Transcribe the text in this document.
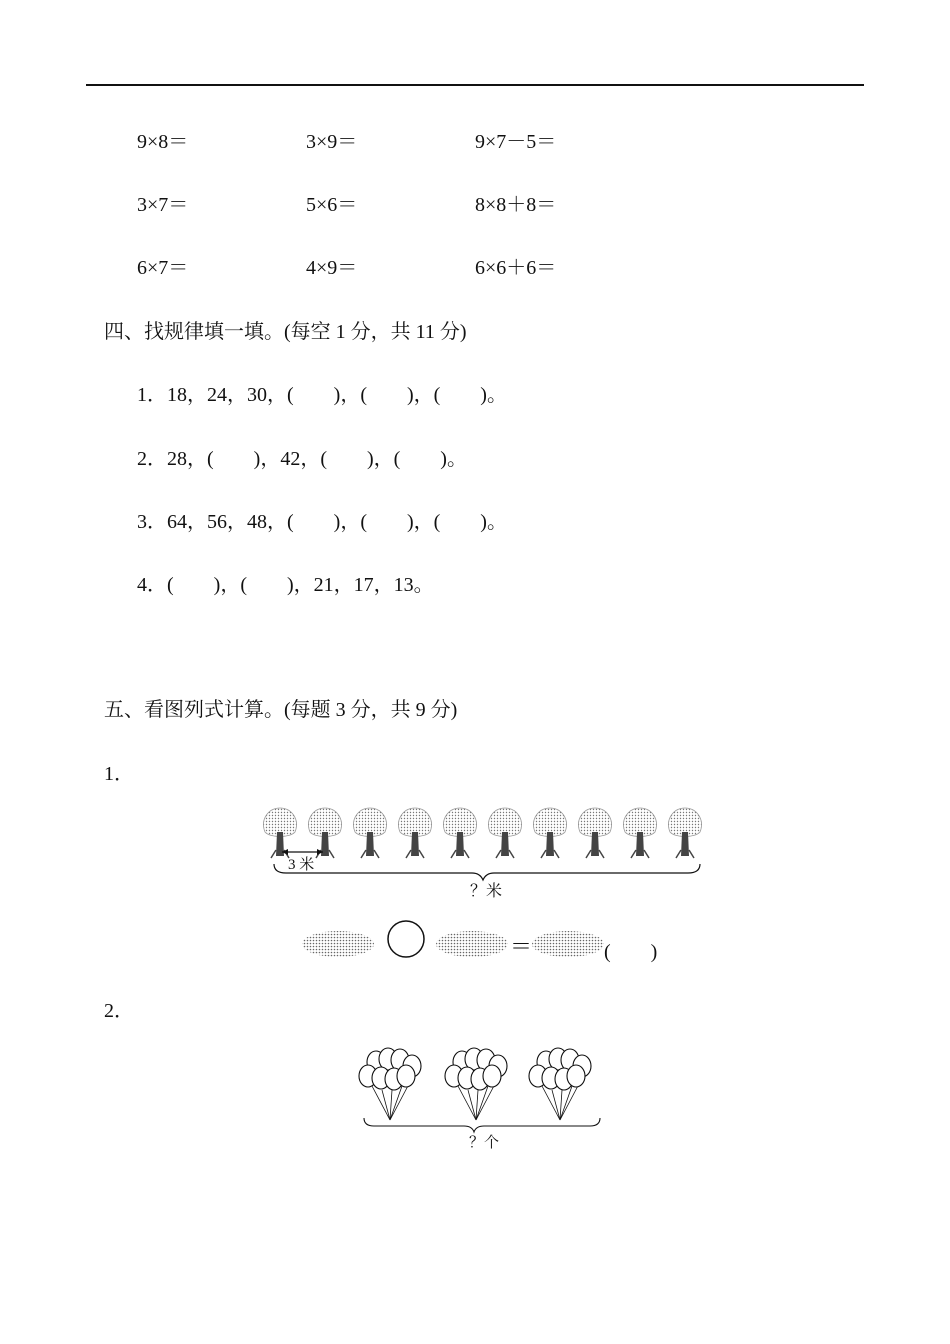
9×8＝	3×9＝	9×7－5＝
3×7＝	5×6＝	8×8＋8＝
6×7＝	4×9＝	6×6＋6＝
四、找规律填一填。(每空 1 分，共 11 分)
1．18，24，30，(　　)，(　　)，(　　)。
2．28，(　　)，42，(　　)，(　　)。
3．64，56，48，(　　)，(　　)，(　　)。
4．(　　)，(　　)，21，17，13。
五、看图列式计算。(每题 3 分，共 9 分)
1．
3 米
？米
＝	(　　)
2．
？个
